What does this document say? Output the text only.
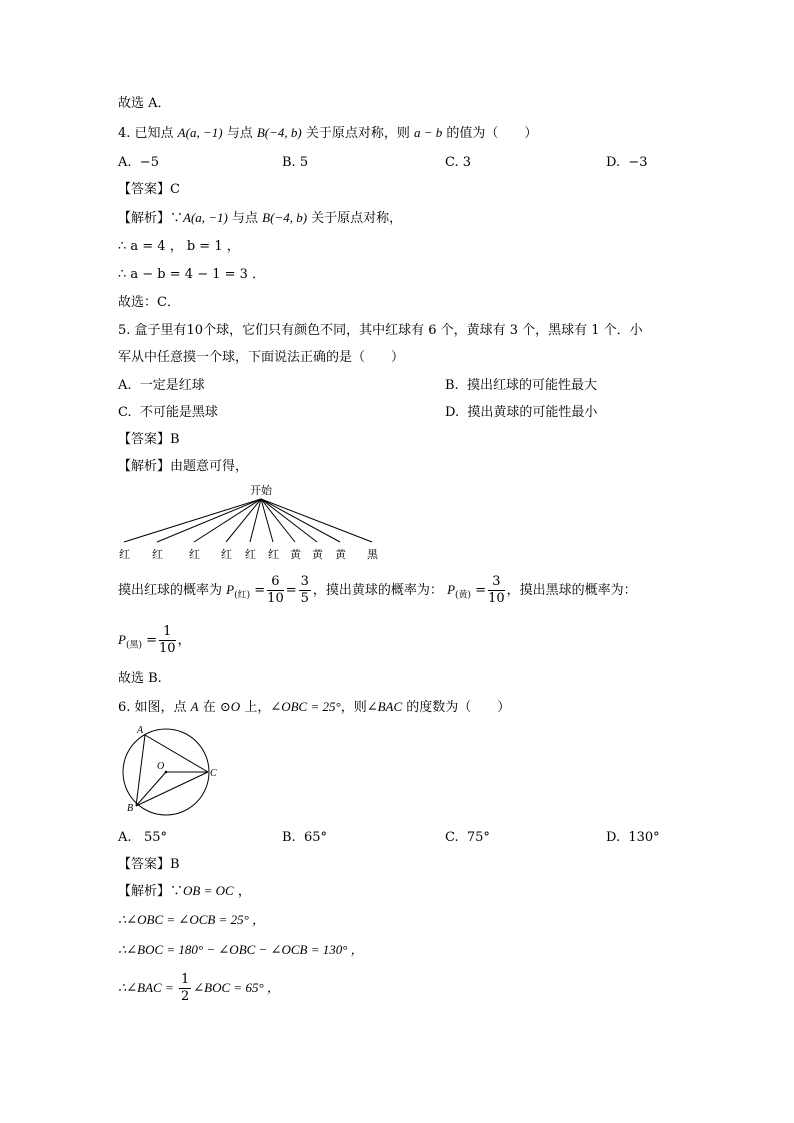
故选 A．
4. 已知点 A(a, −1) 与点 B(−4, b) 关于原点对称，则 a − b 的值为（　　）
A. −5	B. 5	C. 3	D. −3
【答案】C
【解析】∵A(a, −1) 与点 B(−4, b) 关于原点对称，
∴ a = 4 ， b = 1 ，
∴ a − b = 4 − 1 = 3 ．
故选：C．
5. 盒子里有10个球，它们只有颜色不同，其中红球有 6 个，黄球有 3 个，黑球有 1 个．小
军从中任意摸一个球，下面说法正确的是（　　）
A. 一定是红球	B. 摸出红球的可能性最大
C. 不可能是黑球	D. 摸出黄球的可能性最小
【答案】B
【解析】由题意可得，
开始
红 红 红 红 红 红 黄 黄 黄 黑
摸出红球的概率为 $P_{(红)} = \frac{6}{10} = \frac{3}{5}$ ，摸出黄球的概率为： $P_{(黄)} = \frac{3}{10}$ ，摸出黑球的概率为：
$P_{(黑)} = \frac{1}{10}$ ，
故选 B.
6. 如图，点 A 在 ⊙O 上，∠OBC = 25°，则∠BAC 的度数为（　　）
A
O
C
B
A. 55°	B. 65°	C. 75°	D. 130°
【答案】B
【解析】∵OB = OC ，
∴∠OBC = ∠OCB = 25° ，
∴∠BOC = 180° − ∠OBC − ∠OCB = 130° ，
∴∠BAC = $\frac{1}{2}$ ∠BOC = 65° ，
